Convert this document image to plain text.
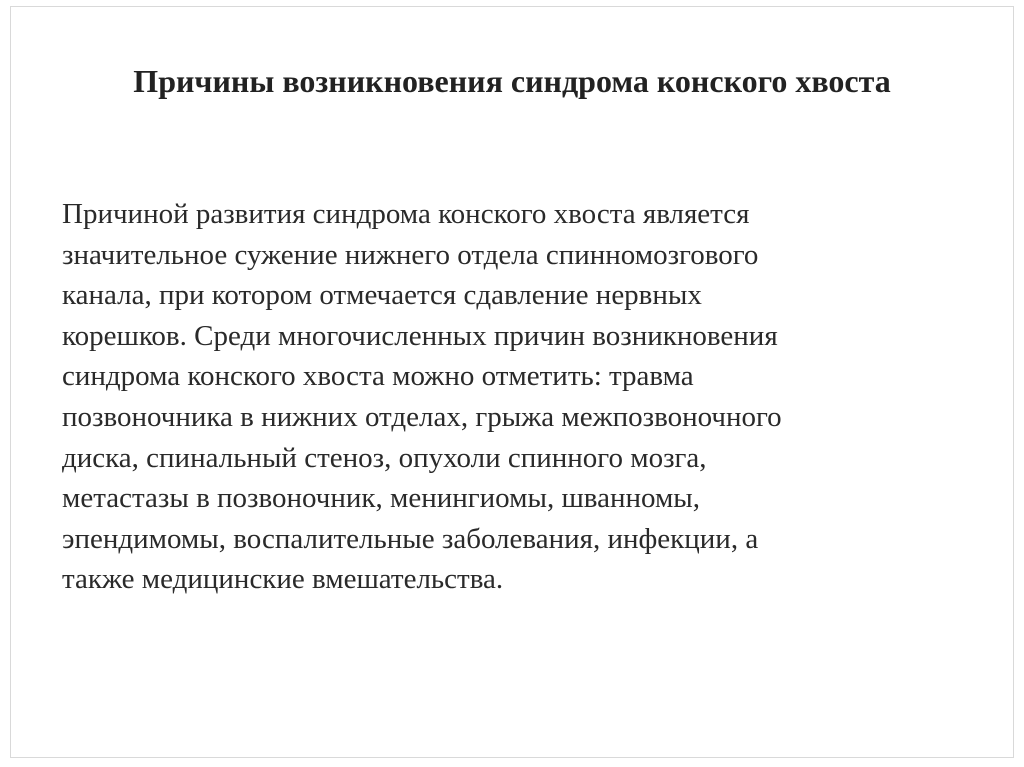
Причины возникновения синдрома конского хвоста

Причиной развития синдрома конского хвоста является
значительное сужение нижнего отдела спинномозгового
канала, при котором отмечается сдавление нервных
корешков. Среди многочисленных причин возникновения
синдрома конского хвоста можно отметить: травма
позвоночника в нижних отделах, грыжа межпозвоночного
диска, спинальный стеноз, опухоли спинного мозга,
метастазы в позвоночник, менингиомы, шванномы,
эпендимомы, воспалительные заболевания, инфекции, а
также медицинские вмешательства.
